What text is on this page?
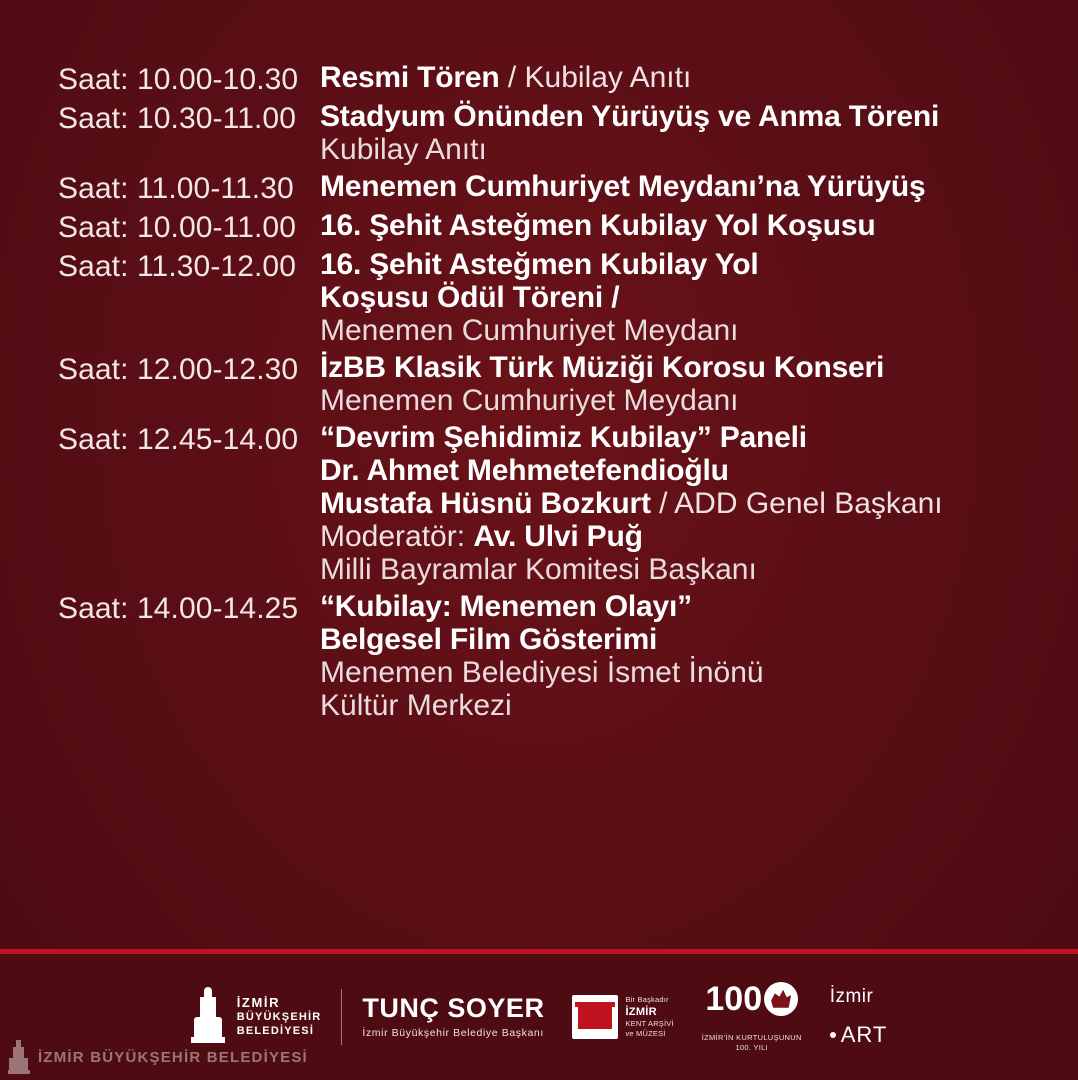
Saat: 10.00-10.30 Resmi Tören / Kubilay Anıtı
Saat: 10.30-11.00 Stadyum Önünden Yürüyüş ve Anma Töreni
Kubilay Anıtı
Saat: 11.00-11.30 Menemen Cumhuriyet Meydanı’na Yürüyüş
Saat: 10.00-11.00 16. Şehit Asteğmen Kubilay Yol Koşusu
Saat: 11.30-12.00 16. Şehit Asteğmen Kubilay Yol
Koşusu Ödül Töreni /
Menemen Cumhuriyet Meydanı
Saat: 12.00-12.30 İzBB Klasik Türk Müziği Korosu Konseri
Menemen Cumhuriyet Meydanı
Saat: 12.45-14.00 “Devrim Şehidimiz Kubilay” Paneli
Dr. Ahmet Mehmetefendioğlu
Mustafa Hüsnü Bozkurt / ADD Genel Başkanı
Moderatör: Av. Ulvi Puğ
Milli Bayramlar Komitesi Başkanı
Saat: 14.00-14.25 “Kubilay: Menemen Olayı”
Belgesel Film Gösterimi
Menemen Belediyesi İsmet İnönü
Kültür Merkezi
İZMİR
BÜYÜKŞEHİR
BELEDİYESİ
TUNÇ SOYER
İzmir Büyükşehir Belediye Başkanı
Bir Başkadır
İZMİR
KENT ARŞİVİ
ve MÜZESİ
100
İZMİR’İN KURTULUŞUNUN
100. YILI
İzmir
ART
İZMİR BÜYÜKŞEHİR BELEDİYESİ
